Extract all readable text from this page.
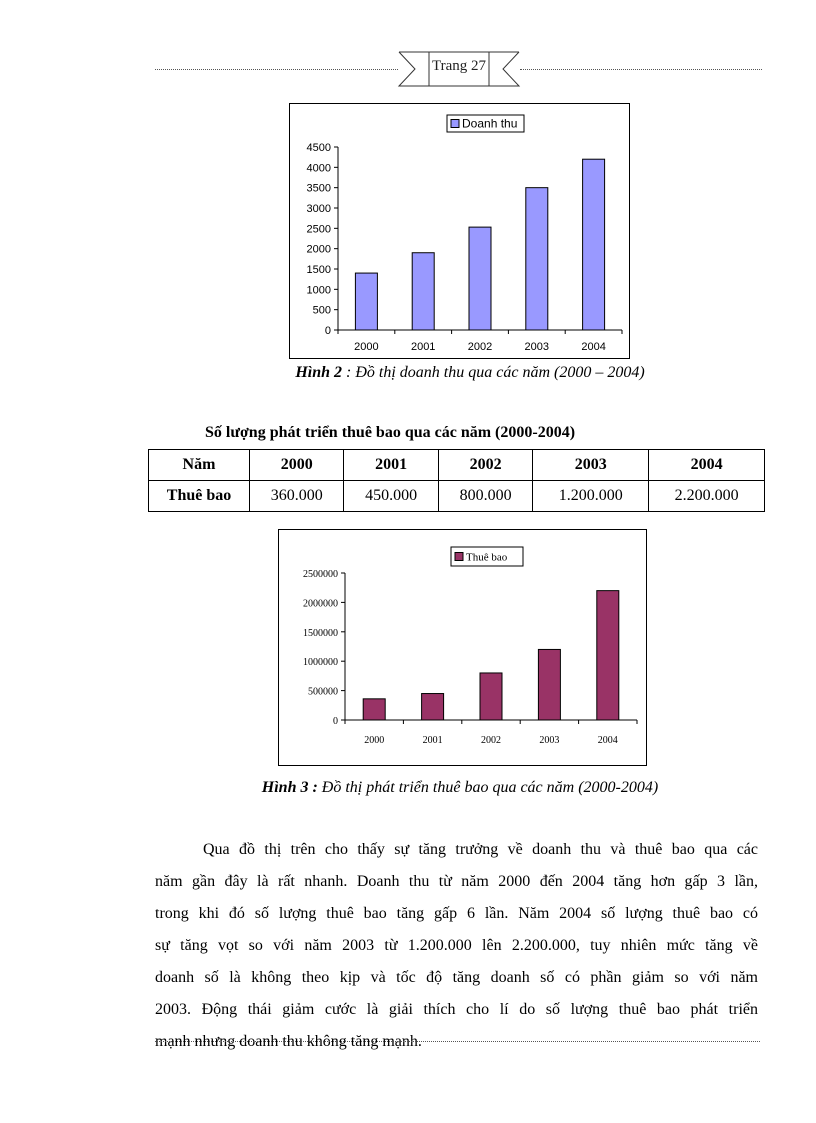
Trang 27
0
500
1000
1500
2000
2500
3000
3500
4000
4500
2000	2001	2002	2003	2004
Doanh thu
Hình 2 : Đồ thị doanh thu qua các năm (2000 – 2004)
Số lượng phát triển thuê bao qua các năm (2000-2004)
Năm	2000	2001	2002	2003	2004
Thuê bao	360.000	450.000	800.000	1.200.000	2.200.000
0
500000
1000000
1500000
2000000
2500000
2000	2001	2002	2003	2004
Thuê bao
Hình 3 : Đồ thị phát triển thuê bao qua các năm (2000-2004)
Qua đồ thị trên cho thấy sự tăng trưởng về doanh thu và thuê bao qua các
năm gần đây là rất nhanh. Doanh thu từ năm 2000 đến 2004 tăng hơn gấp 3 lần,
trong khi đó số lượng thuê bao tăng gấp 6 lần. Năm 2004 số lượng thuê bao có
sự tăng vọt so với năm 2003 từ 1.200.000 lên 2.200.000, tuy nhiên mức tăng về
doanh số là không theo kịp và tốc độ tăng doanh số có phần giảm so với năm
2003. Động thái giảm cước là giải thích cho lí do số lượng thuê bao phát triển
mạnh nhưng doanh thu không tăng mạnh.
